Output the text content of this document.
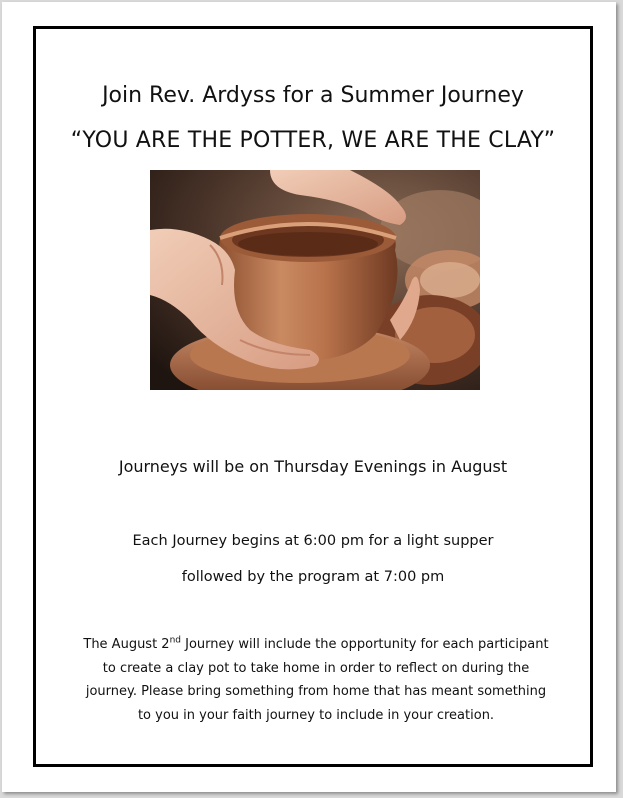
Join Rev. Ardyss for a Summer Journey
“YOU ARE THE POTTER, WE ARE THE CLAY”
Journeys will be on Thursday Evenings in August
Each Journey begins at 6:00 pm for a light supper
followed by the program at 7:00 pm
The August 2nd Journey will include the opportunity for each participant
to create a clay pot to take home in order to reflect on during the
journey. Please bring something from home that has meant something
to you in your faith journey to include in your creation.
